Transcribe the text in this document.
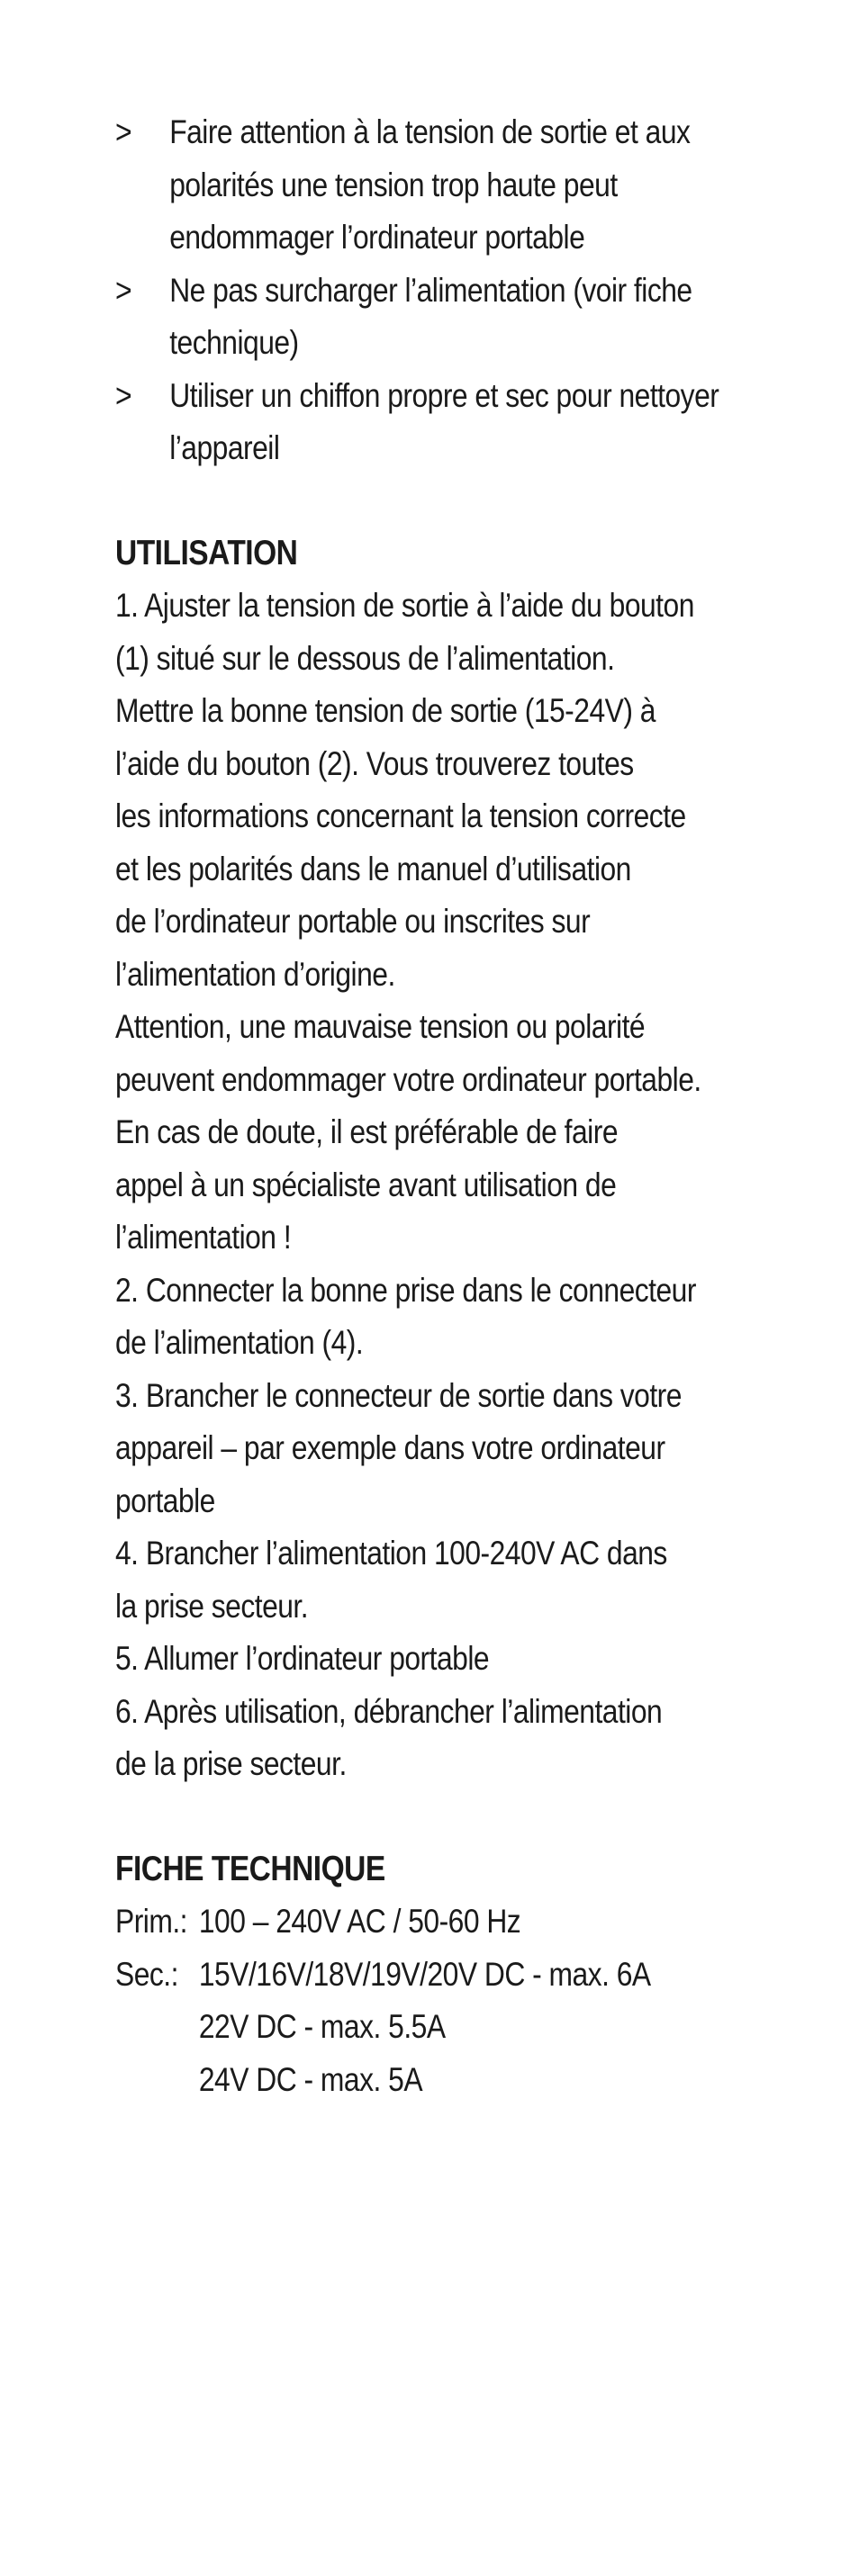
> Faire attention à la tension de sortie et aux polarités une tension trop haute peut endommager l’ordinateur portable
> Ne pas surcharger l’alimentation (voir fiche technique)
> Utiliser un chiffon propre et sec pour nettoyer l’appareil
UTILISATION

1. Ajuster la tension de sortie à l’aide du bouton

(1) situé sur le dessous de l’alimentation.

Mettre la bonne tension de sortie (15-24V) à

l’aide du bouton (2). Vous trouverez toutes

les informations concernant la tension correcte

et les polarités dans le manuel d’utilisation

de l’ordinateur portable ou inscrites sur

l’alimentation d’origine.

Attention, une mauvaise tension ou polarité

peuvent endommager votre ordinateur portable.

En cas de doute, il est préférable de faire

appel à un spécialiste avant utilisation de

l’alimentation !

2. Connecter la bonne prise dans le connecteur

de l’alimentation (4).

3. Brancher le connecteur de sortie dans votre

appareil – par exemple dans votre ordinateur

portable

4. Brancher l’alimentation 100-240V AC dans

la prise secteur.

5. Allumer l’ordinateur portable

6. Après utilisation, débrancher l’alimentation

de la prise secteur.

FICHE TECHNIQUE
Prim.: 100 – 240V AC / 50-60 Hz
Sec.: 15V/16V/18V/19V/20V DC - max. 6A
22V DC - max. 5.5A
24V DC - max. 5A
